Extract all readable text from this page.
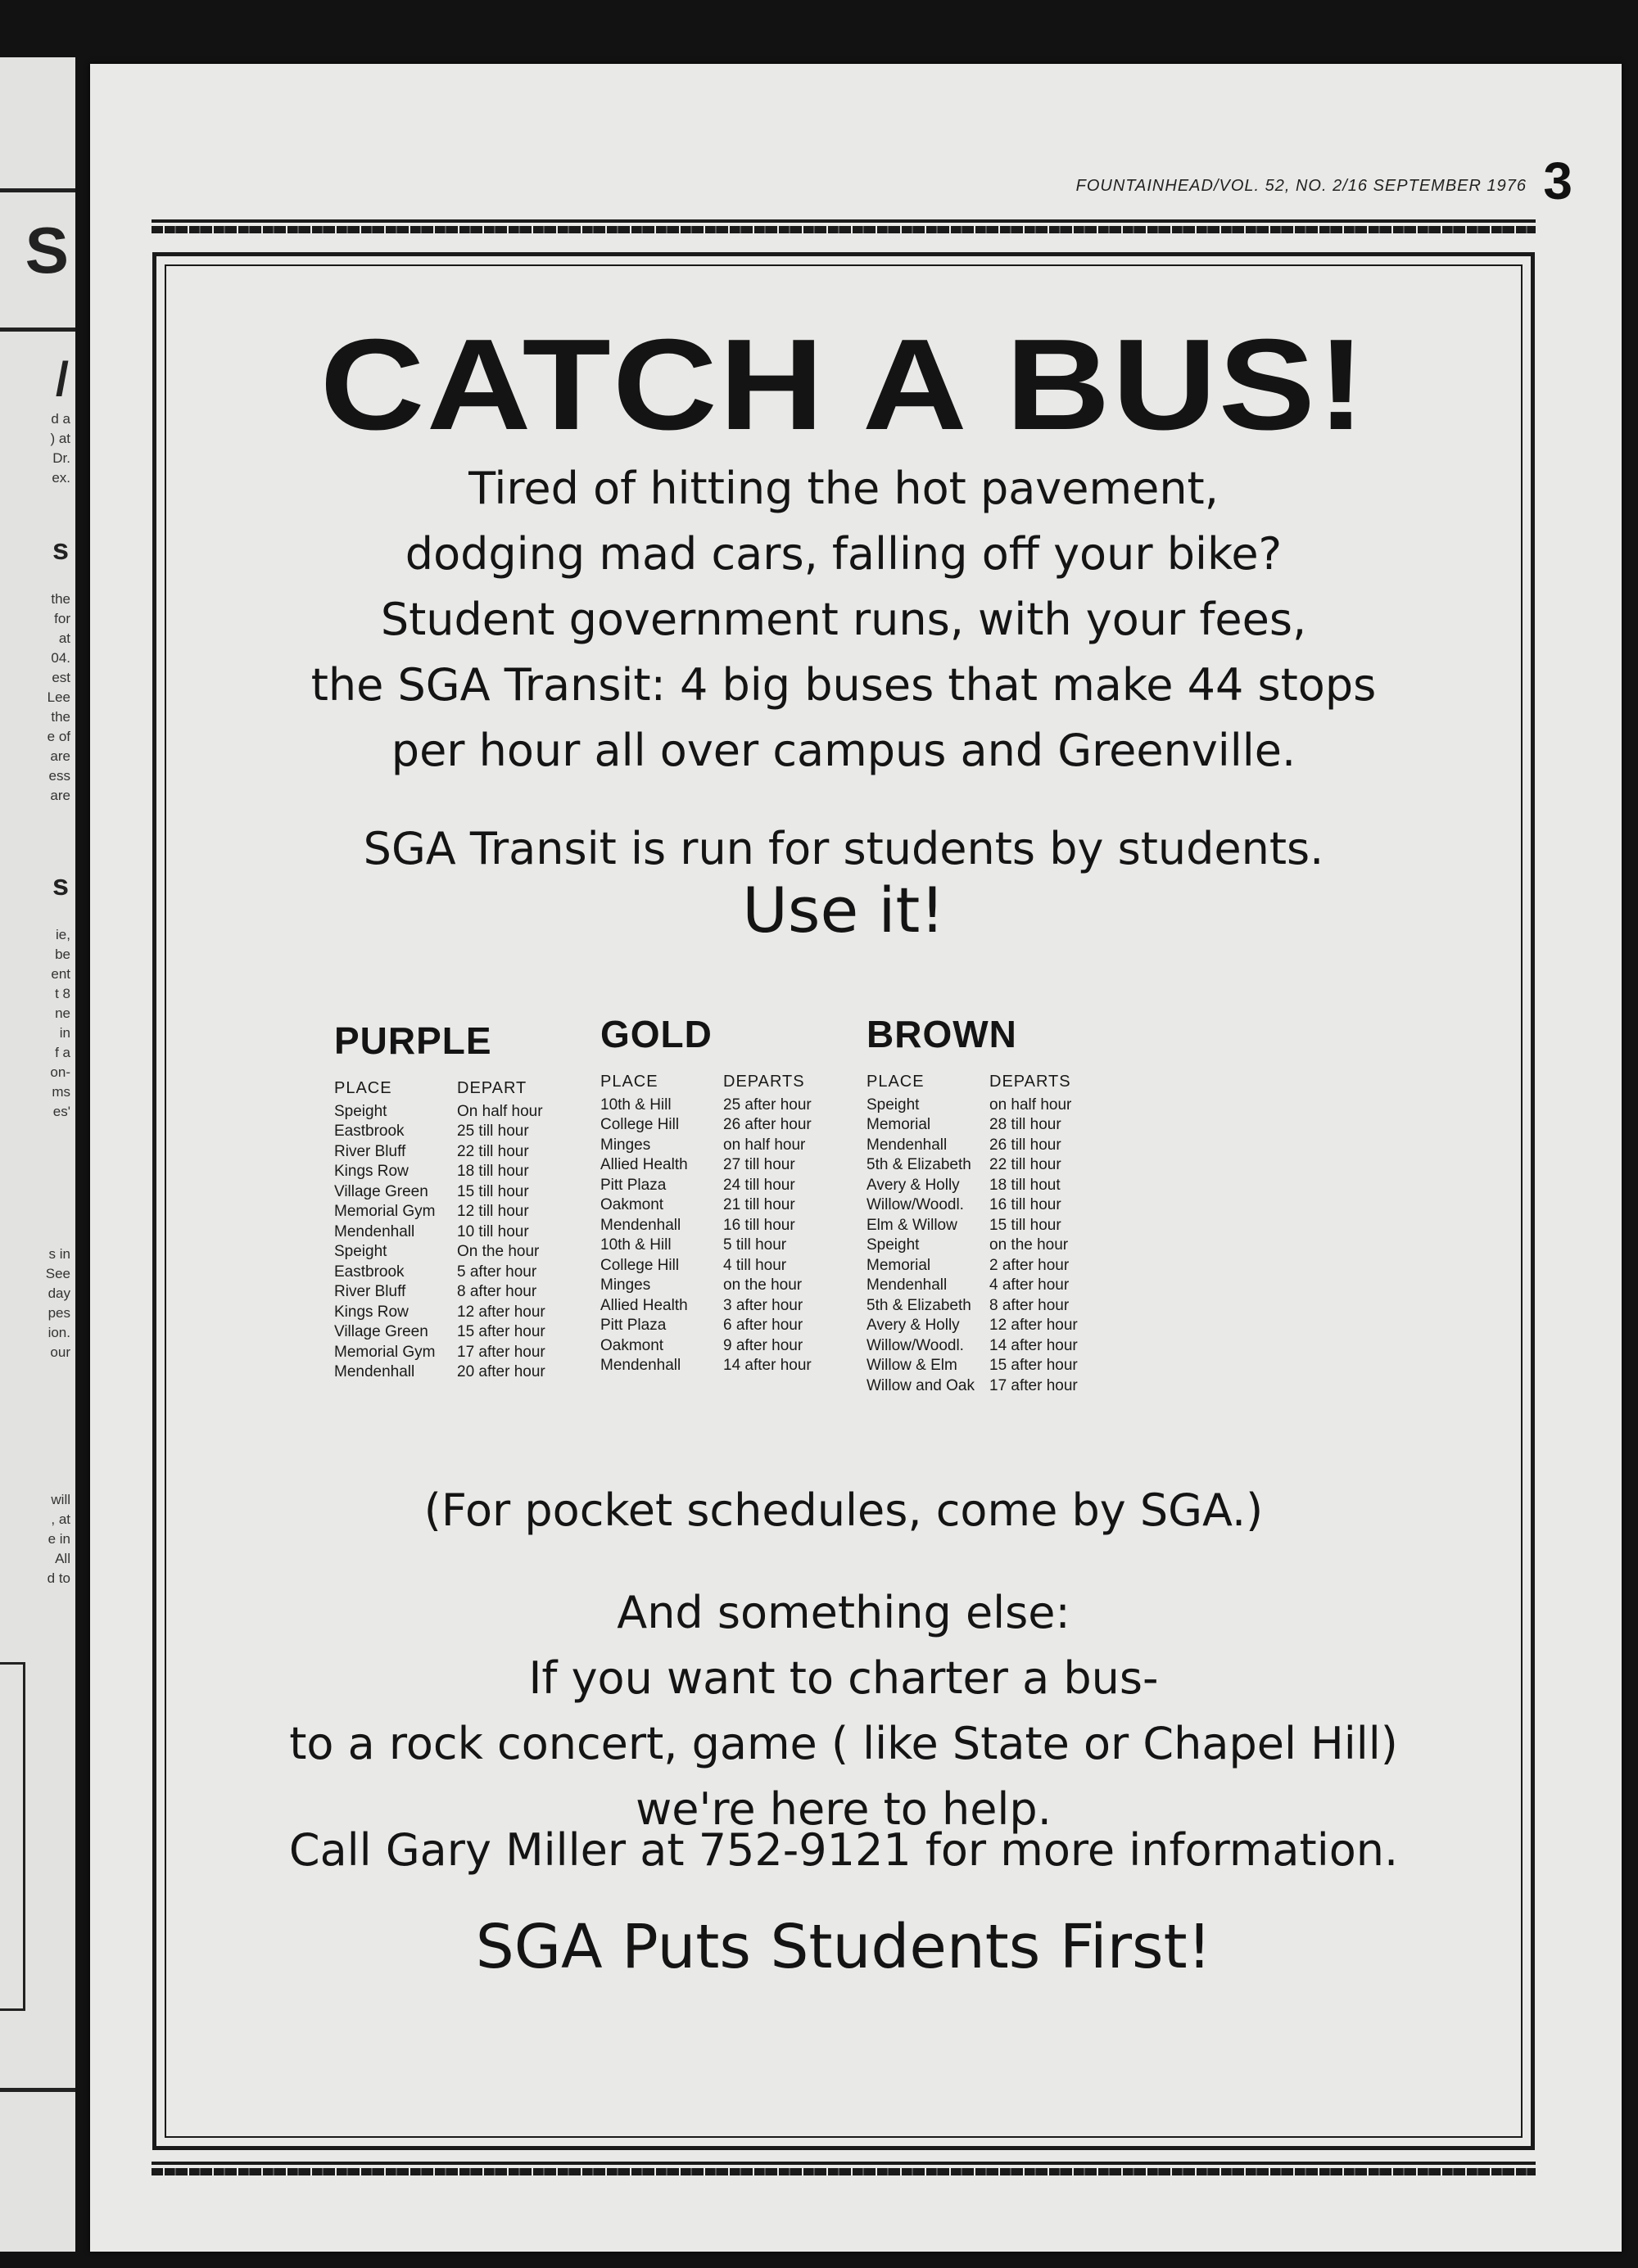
S
/
d a
) at
Dr.
ex.
s
the
for
at
04.
est
Lee
the
e of
are
ess
are
s
ie,
be
ent
t 8
ne
in
f a
on-
ms
es'
s in
See
day
pes
ion.
our
will
, at
e in
All
d to
FOUNTAINHEAD/VOL. 52, NO. 2/16 SEPTEMBER 1976 3
CATCH A BUS!
Tired of hitting the hot pavement,
dodging mad cars, falling off your bike?
Student government runs, with your fees,
the SGA Transit: 4 big buses that make 44 stops
per hour all over campus and Greenville.
SGA Transit is run for students by students.
Use it!
PURPLE
PLACE	DEPART
Speight	On half hour
Eastbrook	25 till hour
River Bluff	22 till hour
Kings Row	18 till hour
Village Green	15 till hour
Memorial Gym	12 till hour
Mendenhall	10 till hour
Speight	On the hour
Eastbrook	5 after hour
River Bluff	8 after hour
Kings Row	12 after hour
Village Green	15 after hour
Memorial Gym	17 after hour
Mendenhall	20 after hour
GOLD
PLACE	DEPARTS
10th & Hill	25 after hour
College Hill	26 after hour
Minges	on half hour
Allied Health	27 till hour
Pitt Plaza	24 till hour
Oakmont	21 till hour
Mendenhall	16 till hour
10th & Hill	5 till hour
College Hill	4 till hour
Minges	on the hour
Allied Health	3 after hour
Pitt Plaza	6 after hour
Oakmont	9 after hour
Mendenhall	14 after hour
BROWN
PLACE	DEPARTS
Speight	on half hour
Memorial	28 till hour
Mendenhall	26 till hour
5th & Elizabeth	22 till hour
Avery & Holly	18 till hout
Willow/Woodl.	16 till hour
Elm & Willow	15 till hour
Speight	on the hour
Memorial	2 after hour
Mendenhall	4 after hour
5th & Elizabeth	8 after hour
Avery & Holly	12 after hour
Willow/Woodl.	14 after hour
Willow & Elm	15 after hour
Willow and Oak	17 after hour
(For pocket schedules, come by SGA.)
And something else:
If you want to charter a bus-
to a rock concert, game ( like State or Chapel Hill)
we're here to help.
Call Gary Miller at 752-9121 for more information.
SGA Puts Students First!
